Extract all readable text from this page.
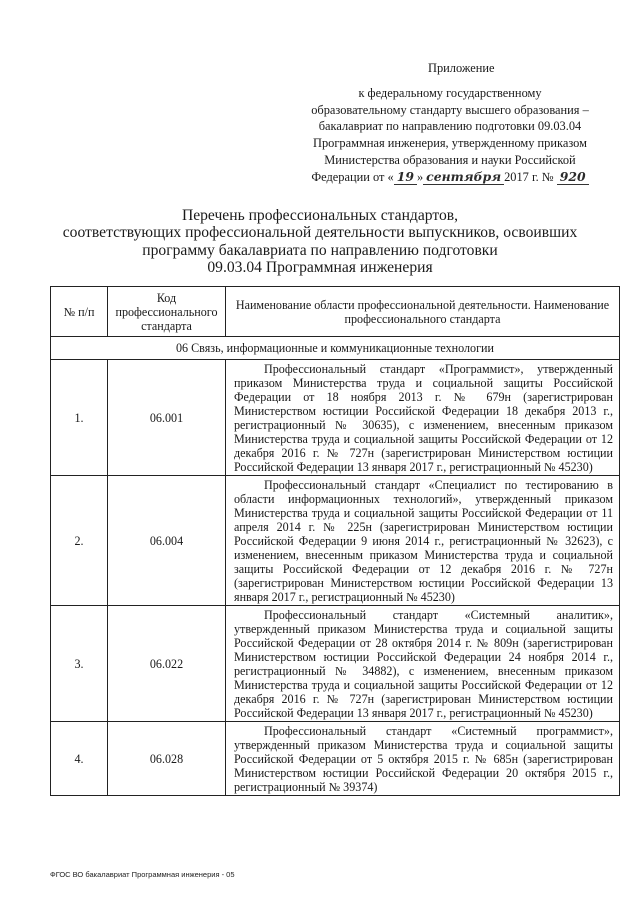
Приложение
к федеральному государственному
образовательному стандарту высшего образования –
бакалавриат по направлению подготовки 09.03.04
Программная инженерия, утвержденному приказом
Министерства образования и науки Российской
Федерации от « 19 » сентября 2017 г. № 920
Перечень профессиональных стандартов,
соответствующих профессиональной деятельности выпускников, освоивших
программу бакалавриата по направлению подготовки
09.03.04 Программная инженерия
№ п/п	Код профессионального стандарта	Наименование области профессиональной деятельности. Наименование профессионального стандарта
06 Связь, информационные и коммуникационные технологии		
1.	06.001	Профессиональный стандарт «Программист», утвержденный приказом Министерства труда и социальной защиты Российской Федерации от 18 ноября 2013 г. № 679н (зарегистрирован Министерством юстиции Российской Федерации 18 декабря 2013 г., регистрационный № 30635), с изменением, внесенным приказом Министерства труда и социальной защиты Российской Федерации от 12 декабря 2016 г. № 727н (зарегистрирован Министерством юстиции Российской Федерации 13 января 2017 г., регистрационный № 45230)
2.	06.004	Профессиональный стандарт «Специалист по тестированию в области информационных технологий», утвержденный приказом Министерства труда и социальной защиты Российской Федерации от 11 апреля 2014 г. № 225н (зарегистрирован Министерством юстиции Российской Федерации 9 июня 2014 г., регистрационный № 32623), с изменением, внесенным приказом Министерства труда и социальной защиты Российской Федерации от 12 декабря 2016 г. № 727н (зарегистрирован Министерством юстиции Российской Федерации 13 января 2017 г., регистрационный № 45230)
3.	06.022	Профессиональный стандарт «Системный аналитик», утвержденный приказом Министерства труда и социальной защиты Российской Федерации от 28 октября 2014 г. № 809н (зарегистрирован Министерством юстиции Российской Федерации 24 ноября 2014 г., регистрационный № 34882), с изменением, внесенным приказом Министерства труда и социальной защиты Российской Федерации от 12 декабря 2016 г. № 727н (зарегистрирован Министерством юстиции Российской Федерации 13 января 2017 г., регистрационный № 45230)
4.	06.028	Профессиональный стандарт «Системный программист», утвержденный приказом Министерства труда и социальной защиты Российской Федерации от 5 октября 2015 г. № 685н (зарегистрирован Министерством юстиции Российской Федерации 20 октября 2015 г., регистрационный № 39374)
ФГОС ВО бакалавриат Программная инженерия - 05
